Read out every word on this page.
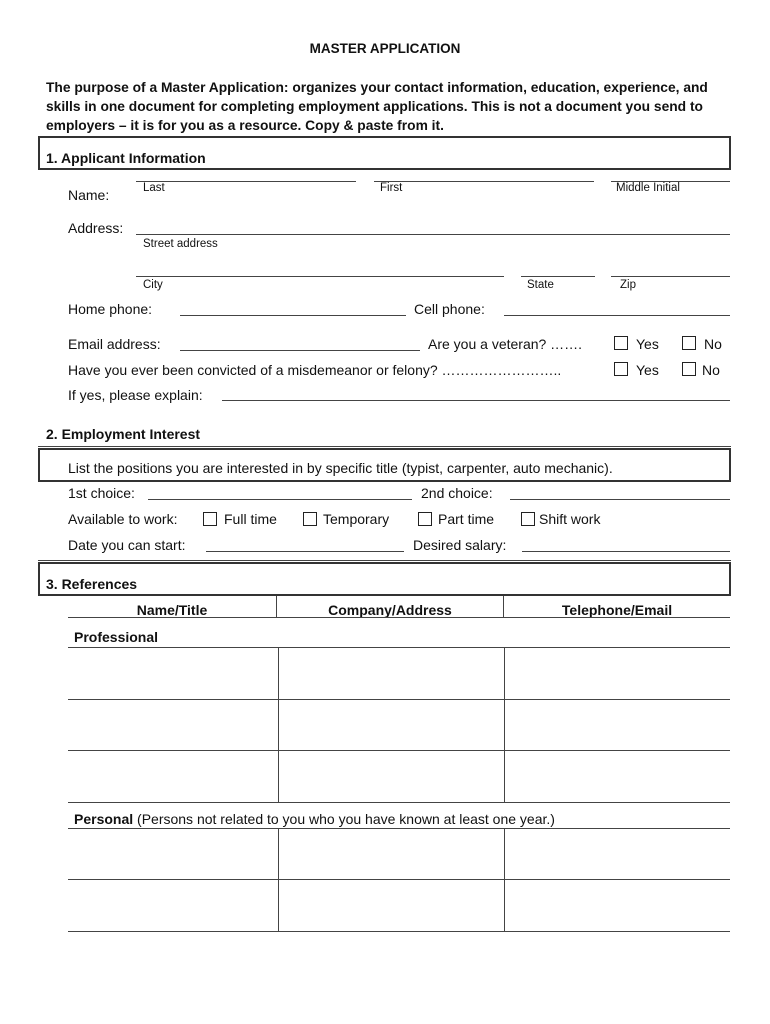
MASTER APPLICATION
The purpose of a Master Application: organizes your contact information, education, experience, and skills in one document for completing employment applications. This is not a document you send to employers – it is for you as a resource. Copy & paste from it.
1. Applicant Information
Name:	Last	First	Middle Initial
Address:
Street address
City	State	Zip
Home phone:	Cell phone:
Email address:	Are you a veteran? …….	Yes	No
Have you ever been convicted of a misdemeanor or felony? ……………………..	Yes	No
If yes, please explain:
2. Employment Interest
List the positions you are interested in by specific title (typist, carpenter, auto mechanic).
1st choice:	2nd choice:
Available to work:	Full time	Temporary	Part time	Shift work
Date you can start:	Desired salary:
3. References
Name/Title	Company/Address	Telephone/Email
Professional
Personal (Persons not related to you who you have known at least one year.)
